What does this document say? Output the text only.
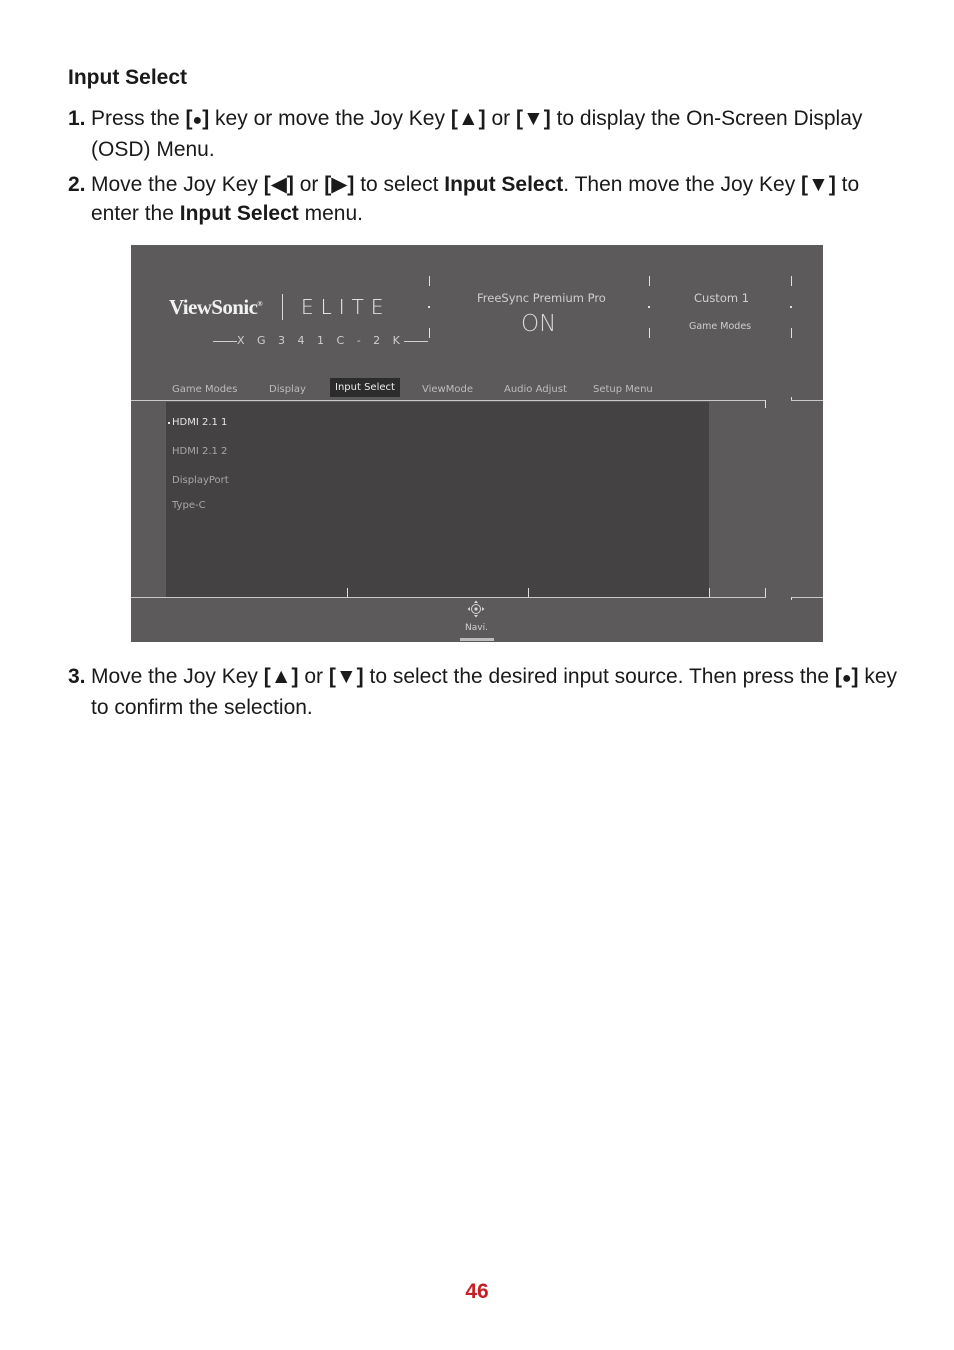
Input Select
1. Press the [●] key or move the Joy Key [▲] or [▼] to display the On-Screen Display (OSD) Menu.
2. Move the Joy Key [◀] or [▶] to select Input Select. Then move the Joy Key [▼] to enter the Input Select menu.
ViewSonic® ELITE
X G 3 4 1 C - 2 K
FreeSync Premium Pro
ON
Custom 1
Game Modes
Game Modes	Display	Input Select	ViewMode	Audio Adjust	Setup Menu
HDMI 2.1 1
HDMI 2.1 2
DisplayPort
Type-C
Navi.
3. Move the Joy Key [▲] or [▼] to select the desired input source. Then press the [●] key to confirm the selection.
46
